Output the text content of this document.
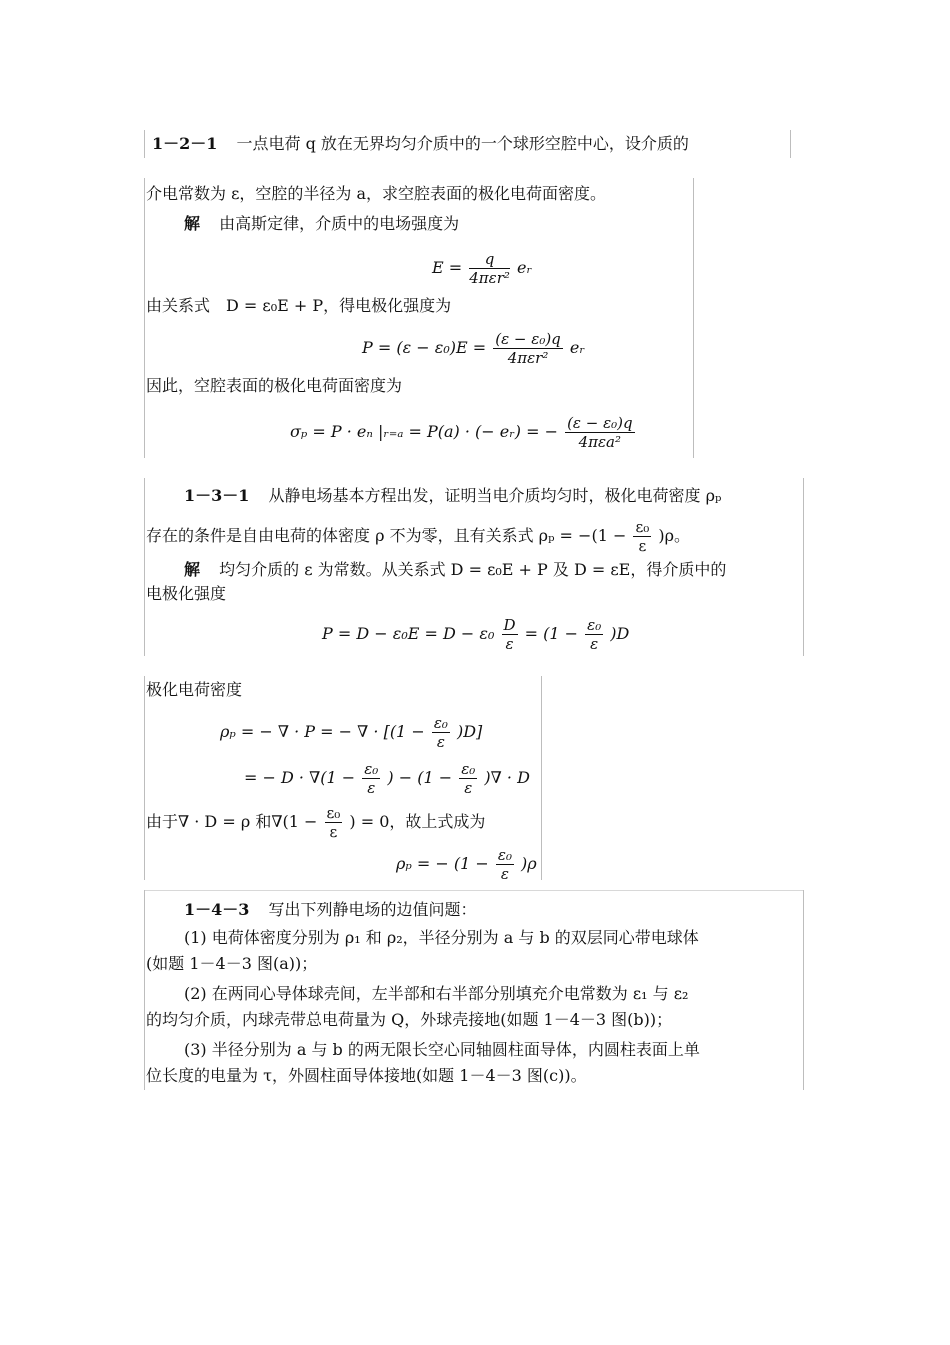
1－2－1 一点电荷 q 放在无界均匀介质中的一个球形空腔中心，设介质的
介电常数为 ε，空腔的半径为 a，求空腔表面的极化电荷面密度。
解 由高斯定律，介质中的电场强度为
$E = \frac{q}{\text{4πεr²}}$ eᵣ
由关系式　D = ε₀E + P，得电极化强度为
$P = (\varepsilon - \varepsilon_0)E = \frac{\text{(ε − ε₀)q}}{\text{4πεr²}}$ eᵣ
因此，空腔表面的极化电荷面密度为
σₚ = P · eₙ |ᵣ₌ₐ = P(a) · (− eᵣ) = − $\frac{\text{(ε − ε₀)q}}{\text{4πεa²}}$
1－3－1 从静电场基本方程出发，证明当电介质均匀时，极化电荷密度 ρₚ
存在的条件是自由电荷的体密度 ρ 不为零，且有关系式 $\rho_p = -(1 - \frac{\text{ε₀}}{\varepsilon} )\rho$。
解 均匀介质的 ε 为常数。从关系式 D = ε₀E + P 及 D = εE，得介质中的
电极化强度
$P = D - \varepsilon_0E = D - \varepsilon_0 \frac{D}{\varepsilon} = (1 - \frac{\text{ε₀}}{\varepsilon} )D$
极化电荷密度
ρₚ = − ∇ · P = − ∇ · $[(1 - \frac{\text{ε₀}}{\varepsilon} )D]$
= − $D \cdot \nabla(1 - \frac{\text{ε₀}}{\varepsilon}$ ) − ($1 - \frac{\text{ε₀}}{\varepsilon}$ )∇ · D
由于∇ · D = ρ 和$\nabla(1 - \frac{\text{ε₀}}{\varepsilon}$ ) = 0，故上式成为
ρₚ = − $(1 - \frac{\text{ε₀}}{\varepsilon} )\rho$
1－4－3 写出下列静电场的边值问题：
(1) 电荷体密度分别为 ρ₁ 和 ρ₂，半径分别为 a 与 b 的双层同心带电球体
(如题 1－4－3 图(a))；
(2) 在两同心导体球壳间，左半部和右半部分别填充介电常数为 ε₁ 与 ε₂
的均匀介质，内球壳带总电荷量为 Q，外球壳接地(如题 1－4－3 图(b))；
(3) 半径分别为 a 与 b 的两无限长空心同轴圆柱面导体，内圆柱表面上单
位长度的电量为 τ，外圆柱面导体接地(如题 1－4－3 图(c))。
